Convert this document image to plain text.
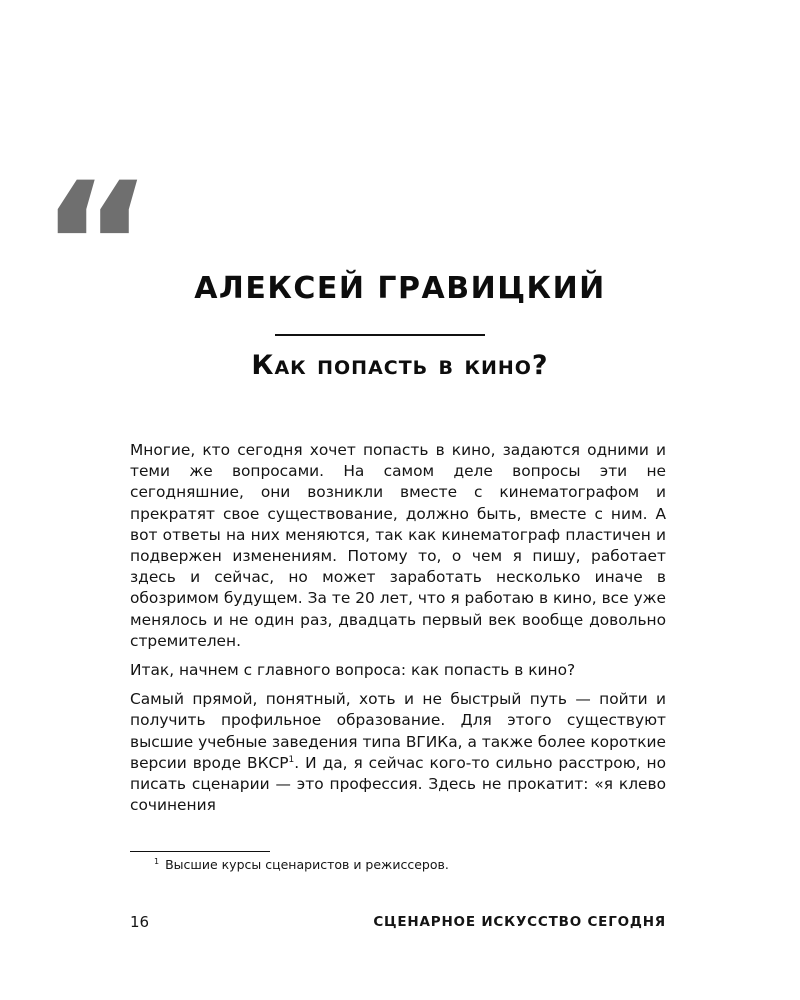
“	АЛЕКСЕЙ ГРАВИЦКИЙ
Как попасть в кино?

Многие, кто сегодня хочет попасть в кино, задаются одними и теми же вопросами. На самом деле вопросы эти не сегодняшние, они возникли вместе с кинематографом и прекратят свое существование, должно быть, вместе с ним. А вот ответы на них меняются, так как кинематограф пластичен и подвержен изменениям. Потому то, о чем я пишу, работает здесь и сейчас, но может заработать несколько иначе в обозримом будущем. За те 20 лет, что я работаю в кино, все уже менялось и не один раз, двадцать первый век вообще довольно стремителен.

Итак, начнем с главного вопроса: как попасть в кино?

Самый прямой, понятный, хоть и не быстрый путь — пойти и получить профильное образование. Для этого существуют высшие учебные заведения типа ВГИКа, а также более короткие версии вроде ВКСР$^1$. И да, я сейчас кого-то сильно расстрою, но писать сценарии — это профессия. Здесь не прокатит: «я клево сочинения

$^1$ Высшие курсы сценаристов и режиссеров.
16	СЦЕНАРНОЕ ИСКУССТВО СЕГОДНЯ
